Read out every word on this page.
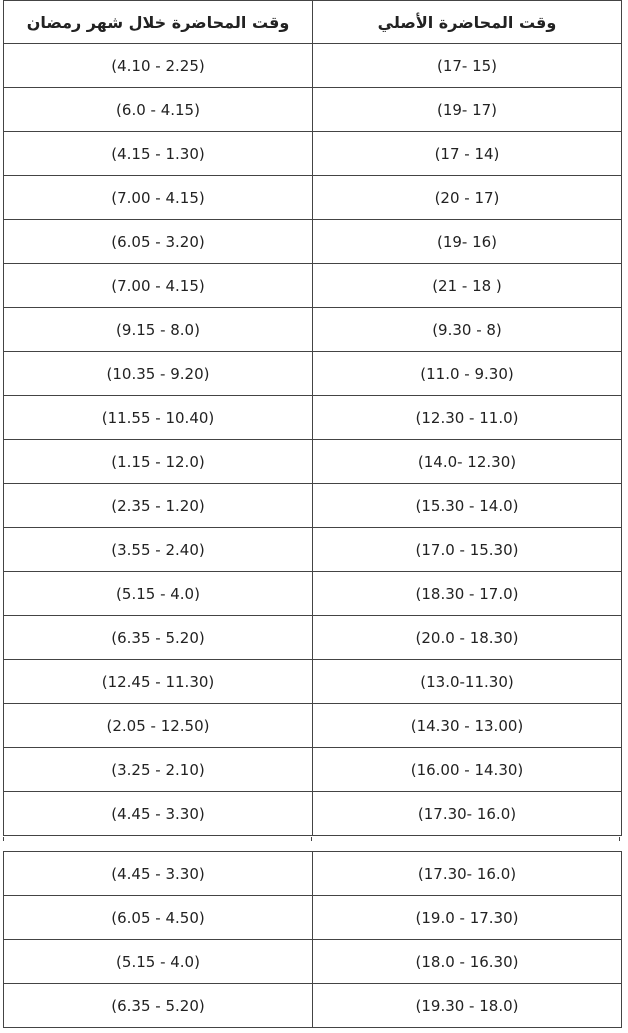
وقت المحاضرة خلال شهر رمضان	وقت المحاضرة الأصلي
(4.10 - 2.25)	(17- 15)
(6.0 - 4.15)	(19- 17)
(4.15 - 1.30)	(17 - 14)
(7.00 - 4.15)	(20 - 17)
(6.05 - 3.20)	(19- 16)
(7.00 - 4.15)	(21 - 18 )
(9.15 - 8.0)	(9.30 - 8)
(10.35 - 9.20)	(11.0 - 9.30)
(11.55 - 10.40)	(12.30 - 11.0)
(1.15 - 12.0)	(14.0- 12.30)
(2.35 - 1.20)	(15.30 - 14.0)
(3.55 - 2.40)	(17.0 - 15.30)
(5.15 - 4.0)	(18.30 - 17.0)
(6.35 - 5.20)	(20.0 - 18.30)
(12.45 - 11.30)	(13.0-11.30)
(2.05 - 12.50)	(14.30 - 13.00)
(3.25 - 2.10)	(16.00 - 14.30)
(4.45 - 3.30)	(17.30- 16.0)
(4.45 - 3.30)	(17.30- 16.0)
(6.05 - 4.50)	(19.0 - 17.30)
(5.15 - 4.0)	(18.0 - 16.30)
(6.35 - 5.20)	(19.30 - 18.0)
